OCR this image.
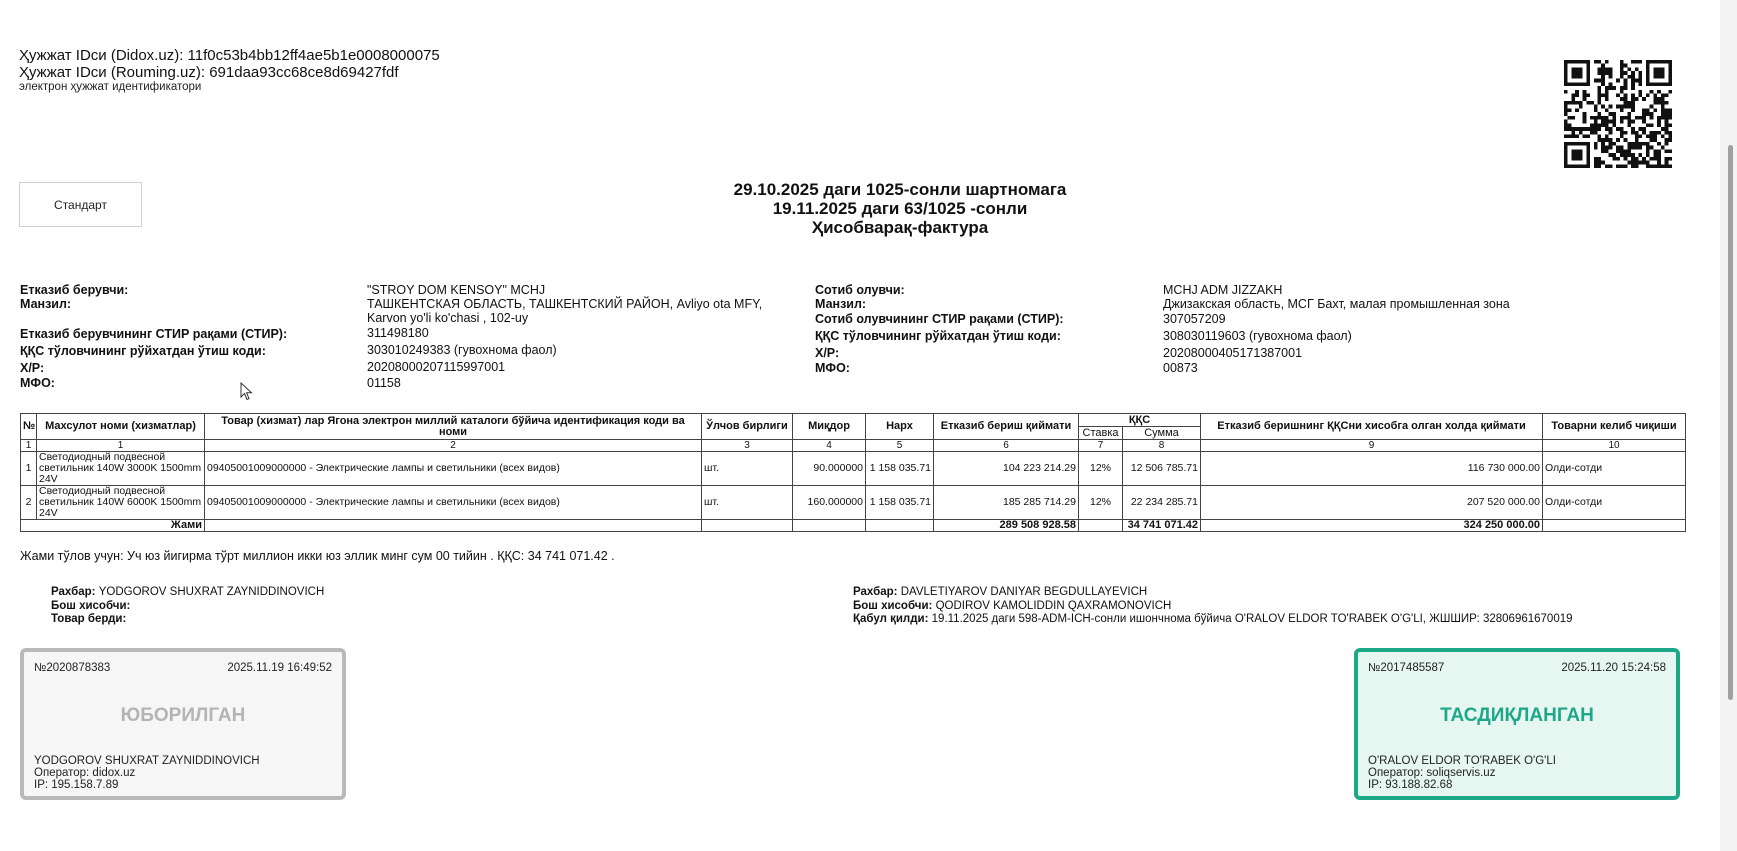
Ҳужжат IDси (Didox.uz): 11f0c53b4bb12ff4ae5b1e0008000075
Ҳужжат IDси (Rouming.uz): 691daa93cc68ce8d69427fdf
электрон ҳужжат идентификатори
Стандарт
29.10.2025 даги 1025-сонли шартномага
19.11.2025 даги 63/1025 -сонли
Ҳисобварақ-фактура
Етказиб берувчи:	"STROY DOM KENSOY" MCHJ
Манзил:	ТАШКЕНТСКАЯ ОБЛАСТЬ, ТАШКЕНТСКИЙ РАЙОН, Avliyo ota MFY,
Karvon yo'li ko'chasi , 102-uy
Етказиб берувчининг СТИР рақами (СТИР):	311498180
ҚҚС тўловчининг рўйхатдан ўтиш коди:	303010249383 (гувохнома фаол)
Х/Р:	20208000207115997001
МФО:	01158
Сотиб олувчи:	MCHJ ADM JIZZAKH
Манзил:	Джизакская область, МСГ Бахт, малая промышленная зона
Сотиб олувчининг СТИР рақами (СТИР):	307057209
ҚҚС тўловчининг рўйхатдан ўтиш коди:	308030119603 (гувохнома фаол)
Х/Р:	20208000405171387001
МФО:	00873
№	Махсулот номи (хизматлар)	Товар (хизмат) лар Ягона электрон миллий каталоги бўйича идентификация коди ва номи	Ўлчов бирлиги	Миқдор	Нарх	Етказиб бериш қиймати	ҚҚС		Етказиб беришнинг ҚҚСни хисобга олган холда қиймати	Товарни келиб чиқиши
							Ставка	Сумма		
1	1	2	3	4	5	6	7	8	9	10
1	Светодиодный подвесной светильник 140W 3000K 1500mm 24V	09405001009000000 - Электрические лампы и светильники (всех видов)	шт.	90.000000	1 158 035.71	104 223 214.29	12%	12 506 785.71	116 730 000.00	Олди-сотди
2	Светодиодный подвесной светильник 140W 6000K 1500mm 24V	09405001009000000 - Электрические лампы и светильники (всех видов)	шт.	160.000000	1 158 035.71	185 285 714.29	12%	22 234 285.71	207 520 000.00	Олди-сотди
Жами						289 508 928.58		34 741 071.42	324 250 000.00	
Жами тўлов учун: Уч юз йигирма тўрт миллион икки юз эллик минг сум 00 тийин . ҚҚС: 34 741 071.42 .
Рахбар: YODGOROV SHUXRAT ZAYNIDDINOVICH
Бош хисобчи:
Товар берди:
Рахбар: DAVLETIYAROV DANIYAR BEGDULLAYEVICH
Бош хисобчи: QODIROV KAMOLIDDIN QAXRAMONOVICH
Қабул қилди: 19.11.2025 даги 598-ADM-ICH-сонли ишончнома бўйича O'RALOV ELDOR TO'RABEK O'G'LI, ЖШШИР: 32806961670019
№2020878383	2025.11.19 16:49:52
ЮБОРИЛГАН
YODGOROV SHUXRAT ZAYNIDDINOVICH
Оператор: didox.uz
IP: 195.158.7.89
№2017485587	2025.11.20 15:24:58
ТАСДИҚЛАНГАН
O'RALOV ELDOR TO'RABEK O'G'LI
Оператор: soliqservis.uz
IP: 93.188.82.68
